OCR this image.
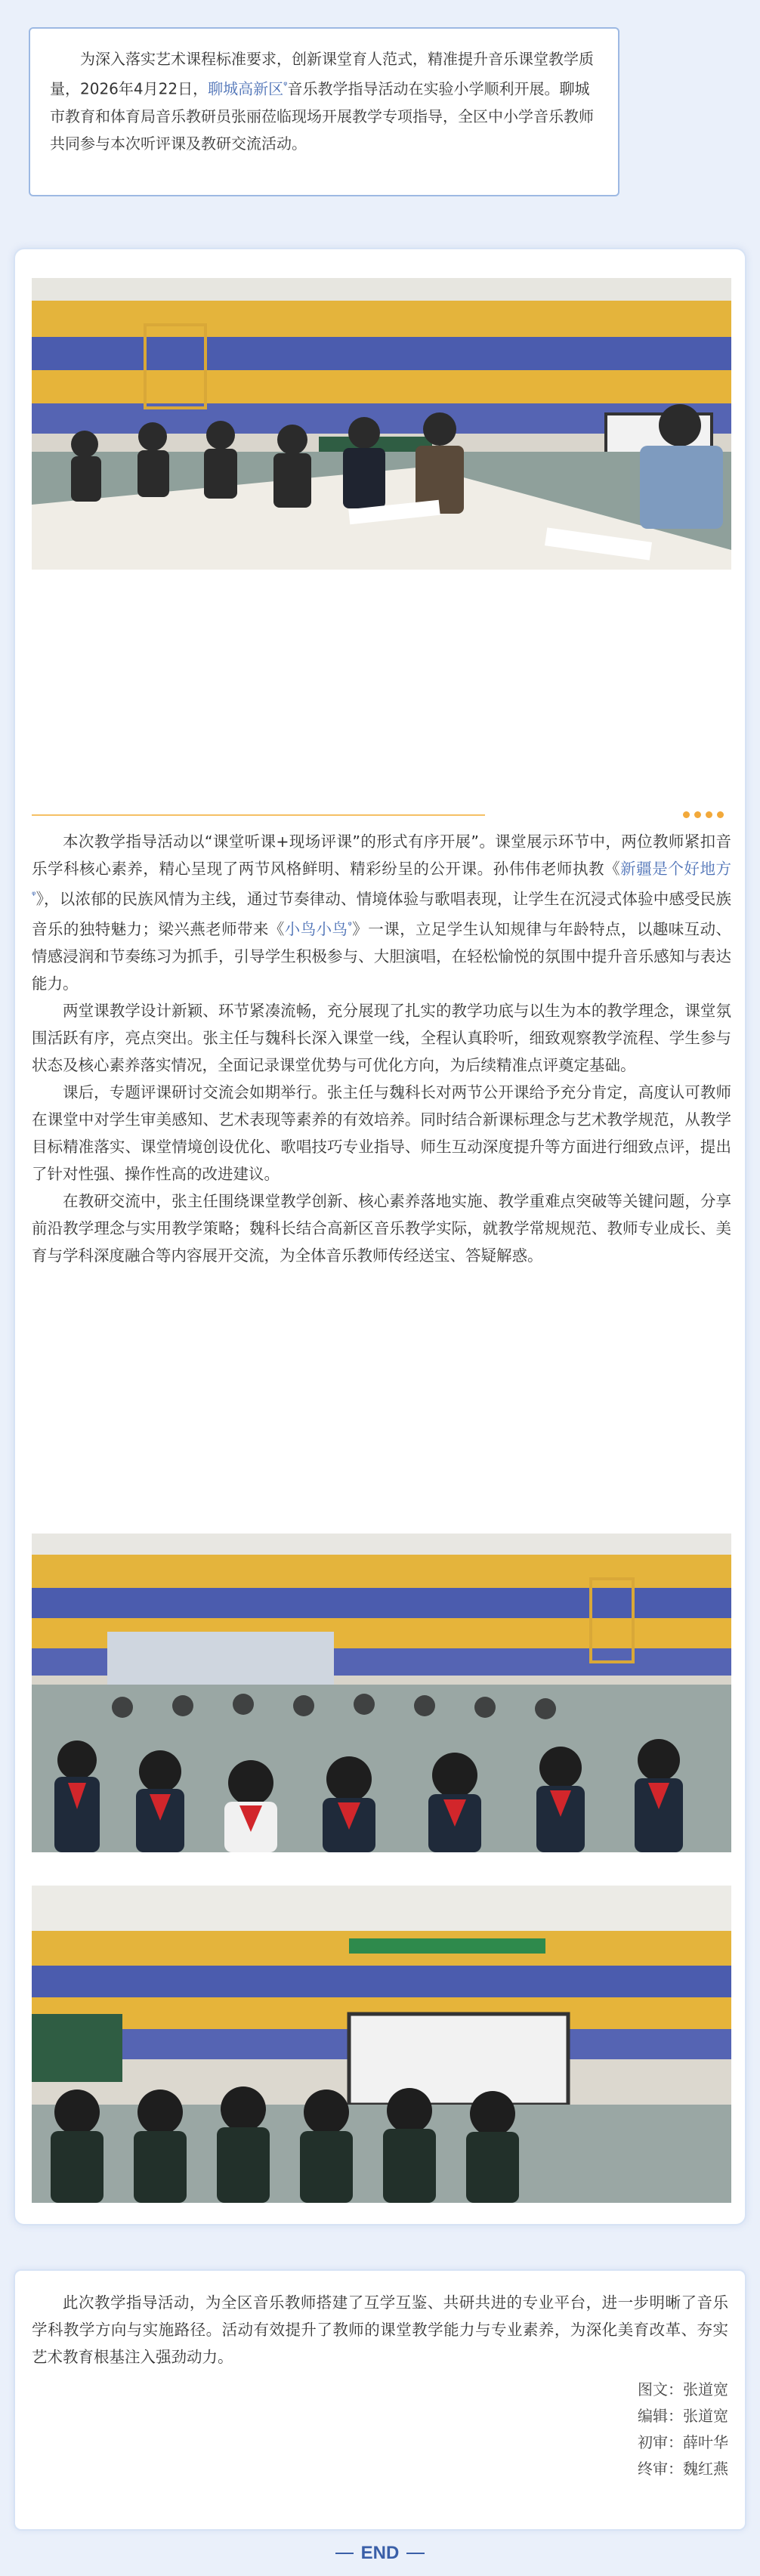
为深入落实艺术课程标准要求，创新课堂育人范式，精准提升音乐课堂教学质量，2026年4月22日，聊城高新区$^ᵠ$音乐教学指导活动在实验小学顺利开展。聊城市教育和体育局音乐教研员张丽莅临现场开展教学专项指导，全区中小学音乐教师共同参与本次听评课及教研交流活动。

本次教学指导活动以“课堂听课+现场评课”的形式有序开展”。课堂展示环节中，两位教师紧扣音乐学科核心素养，精心呈现了两节风格鲜明、精彩纷呈的公开课。孙伟伟老师执教《新疆是个好地方$^ᵠ$》，以浓郁的民族风情为主线，通过节奏律动、情境体验与歌唱表现，让学生在沉浸式体验中感受民族音乐的独特魅力；梁兴燕老师带来《小鸟小鸟$^ᵠ$》一课，立足学生认知规律与年龄特点，以趣味互动、情感浸润和节奏练习为抓手，引导学生积极参与、大胆演唱，在轻松愉悦的氛围中提升音乐感知与表达能力。

两堂课教学设计新颖、环节紧凑流畅，充分展现了扎实的教学功底与以生为本的教学理念，课堂氛围活跃有序，亮点突出。张主任与魏科长深入课堂一线，全程认真聆听，细致观察教学流程、学生参与状态及核心素养落实情况，全面记录课堂优势与可优化方向，为后续精准点评奠定基础。

课后，专题评课研讨交流会如期举行。张主任与魏科长对两节公开课给予充分肯定，高度认可教师在课堂中对学生审美感知、艺术表现等素养的有效培养。同时结合新课标理念与艺术教学规范，从教学目标精准落实、课堂情境创设优化、歌唱技巧专业指导、师生互动深度提升等方面进行细致点评，提出了针对性强、操作性高的改进建议。

在教研交流中，张主任围绕课堂教学创新、核心素养落地实施、教学重难点突破等关键问题，分享前沿教学理念与实用教学策略；魏科长结合高新区音乐教学实际，就教学常规规范、教师专业成长、美育与学科深度融合等内容展开交流，为全体音乐教师传经送宝、答疑解惑。

此次教学指导活动，为全区音乐教师搭建了互学互鉴、共研共进的专业平台，进一步明晰了音乐学科教学方向与实施路径。活动有效提升了教师的课堂教学能力与专业素养，为深化美育改革、夯实艺术教育根基注入强劲动力。

图文：张道宽
编辑：张道宽
初审：薛叶华
终审：魏红燕
END
